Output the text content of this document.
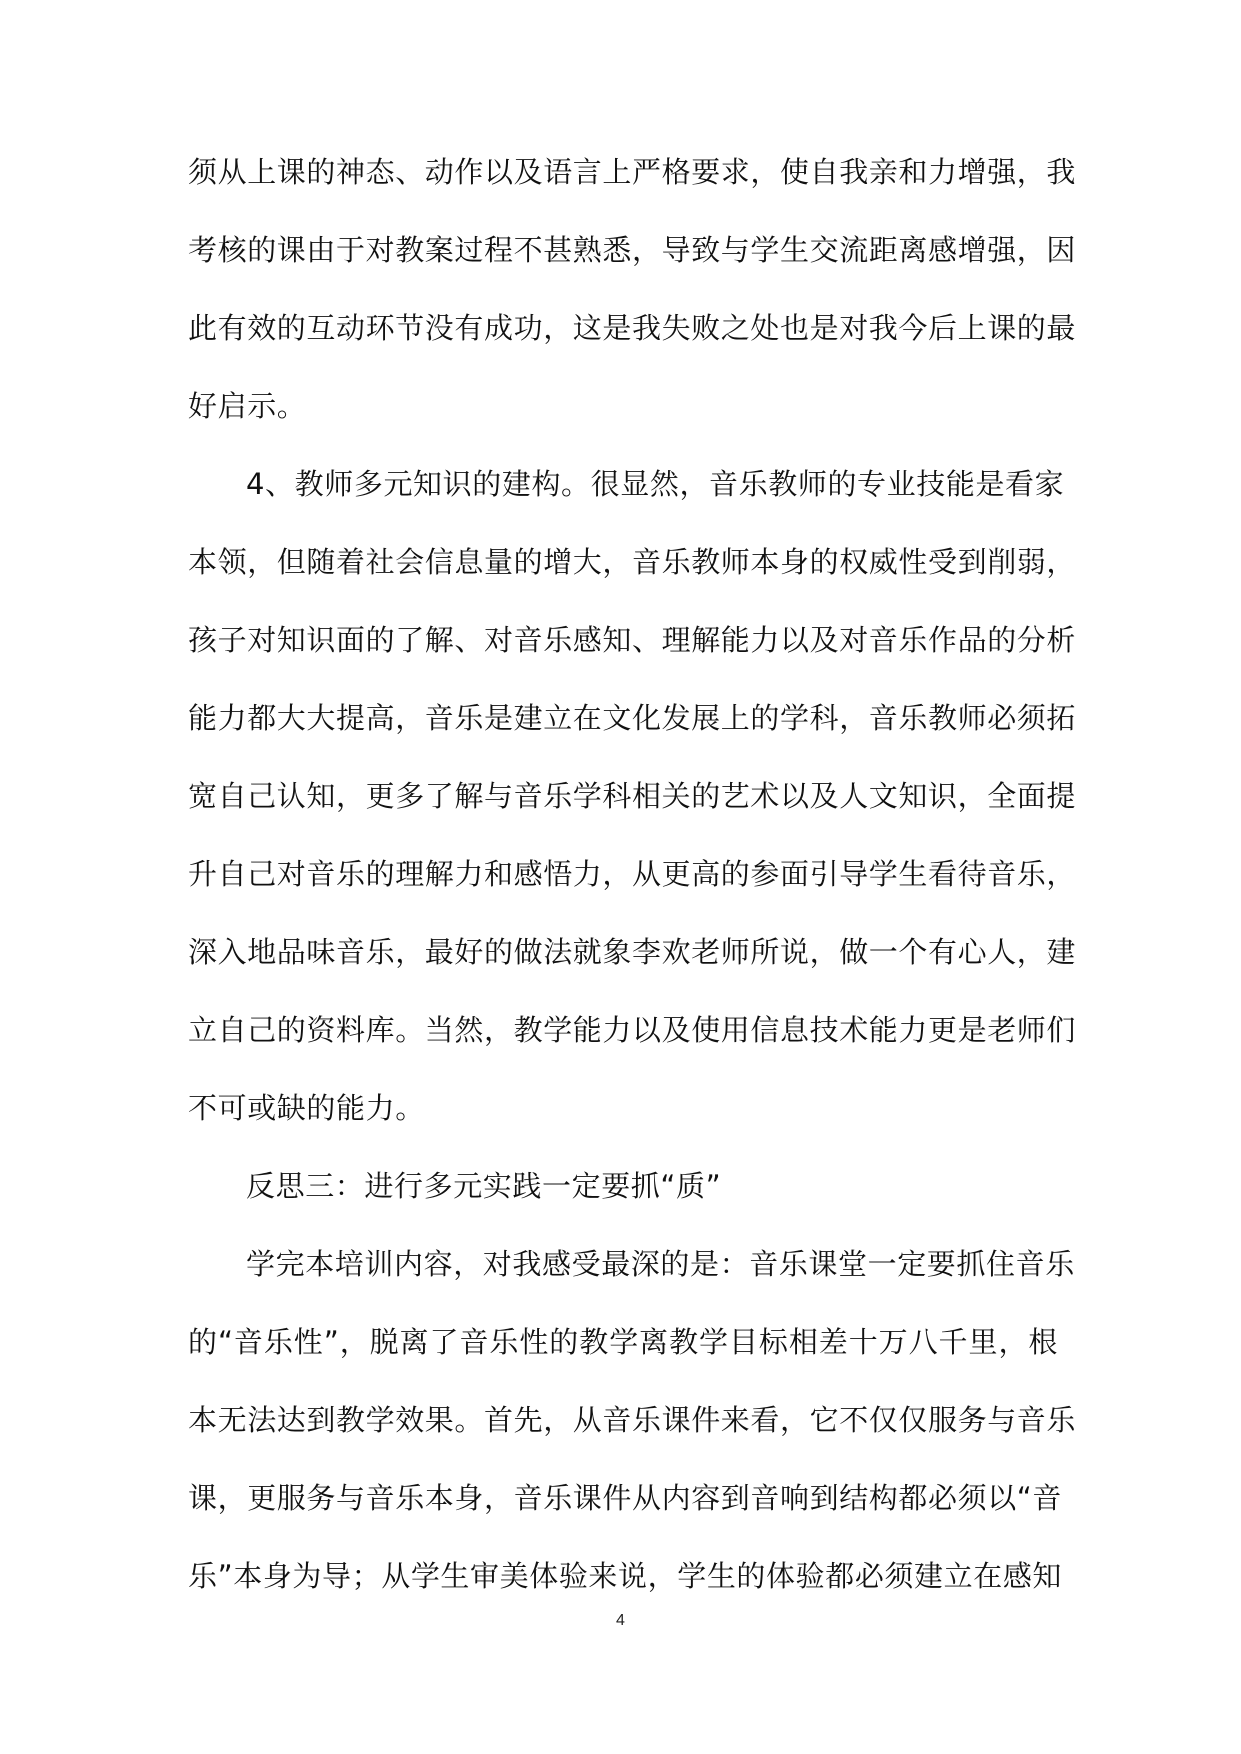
须从上课的神态、动作以及语言上严格要求，使自我亲和力增强，我
考核的课由于对教案过程不甚熟悉，导致与学生交流距离感增强，因
此有效的互动环节没有成功，这是我失败之处也是对我今后上课的最
好启示。
4、教师多元知识的建构。很显然，音乐教师的专业技能是看家
本领，但随着社会信息量的增大，音乐教师本身的权威性受到削弱，
孩子对知识面的了解、对音乐感知、理解能力以及对音乐作品的分析
能力都大大提高，音乐是建立在文化发展上的学科，音乐教师必须拓
宽自己认知，更多了解与音乐学科相关的艺术以及人文知识，全面提
升自己对音乐的理解力和感悟力，从更高的参面引导学生看待音乐，
深入地品味音乐，最好的做法就象李欢老师所说，做一个有心人，建
立自己的资料库。当然，教学能力以及使用信息技术能力更是老师们
不可或缺的能力。
反思三：进行多元实践一定要抓“质”
学完本培训内容，对我感受最深的是：音乐课堂一定要抓住音乐
的“音乐性”，脱离了音乐性的教学离教学目标相差十万八千里，根
本无法达到教学效果。首先，从音乐课件来看，它不仅仅服务与音乐
课，更服务与音乐本身，音乐课件从内容到音响到结构都必须以“音
乐”本身为导；从学生审美体验来说，学生的体验都必须建立在感知
4
